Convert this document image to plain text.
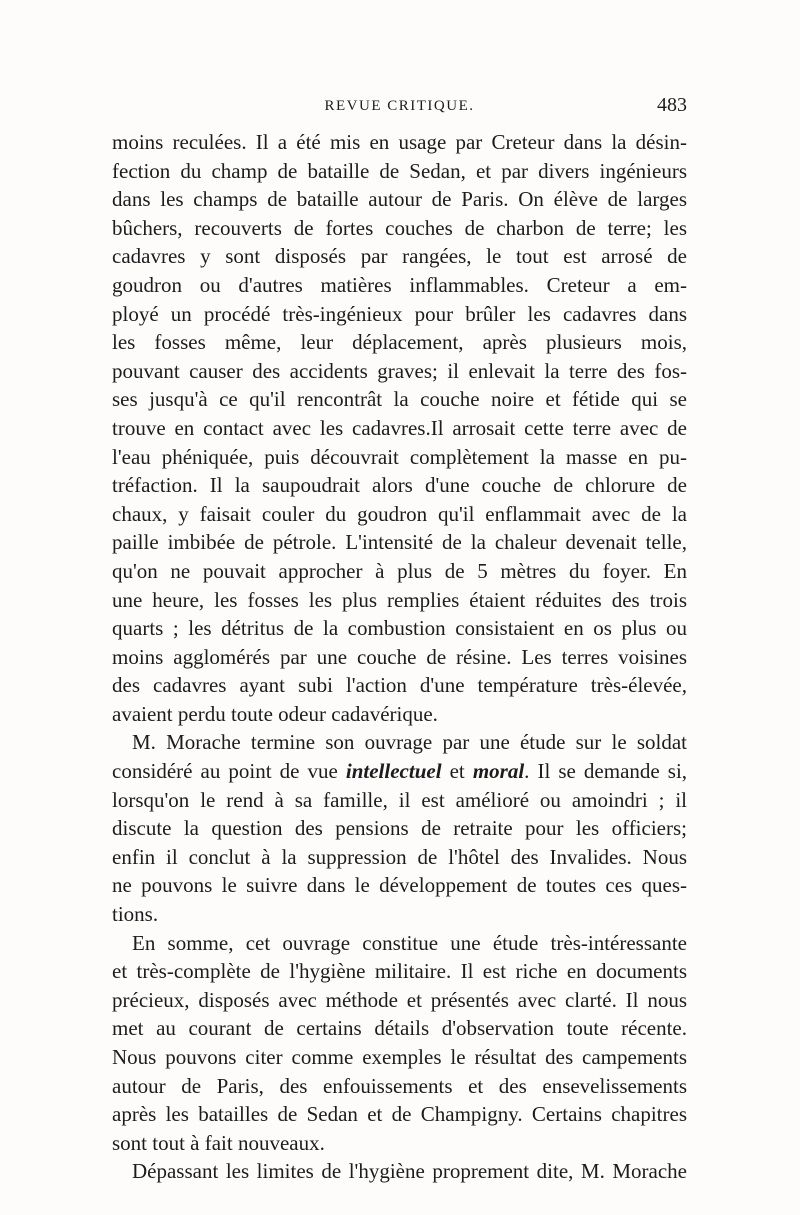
REVUE CRITIQUE.	483
moins reculées. Il a été mis en usage par Creteur dans la désin-
fection du champ de bataille de Sedan, et par divers ingénieurs
dans les champs de bataille autour de Paris. On élève de larges
bûchers, recouverts de fortes couches de charbon de terre; les
cadavres y sont disposés par rangées, le tout est arrosé de
goudron ou d'autres matières inflammables. Creteur a em-
ployé un procédé très-ingénieux pour brûler les cadavres dans
les fosses même, leur déplacement, après plusieurs mois,
pouvant causer des accidents graves; il enlevait la terre des fos-
ses jusqu'à ce qu'il rencontrât la couche noire et fétide qui se
trouve en contact avec les cadavres.Il arrosait cette terre avec de
l'eau phéniquée, puis découvrait complètement la masse en pu-
tréfaction. Il la saupoudrait alors d'une couche de chlorure de
chaux, y faisait couler du goudron qu'il enflammait avec de la
paille imbibée de pétrole. L'intensité de la chaleur devenait telle,
qu'on ne pouvait approcher à plus de 5 mètres du foyer. En
une heure, les fosses les plus remplies étaient réduites des trois
quarts ; les détritus de la combustion consistaient en os plus ou
moins agglomérés par une couche de résine. Les terres voisines
des cadavres ayant subi l'action d'une température très-élevée,
avaient perdu toute odeur cadavérique.
M. Morache termine son ouvrage par une étude sur le soldat
considéré au point de vue intellectuel et moral. Il se demande si,
lorsqu'on le rend à sa famille, il est amélioré ou amoindri ; il
discute la question des pensions de retraite pour les officiers;
enfin il conclut à la suppression de l'hôtel des Invalides. Nous
ne pouvons le suivre dans le développement de toutes ces ques-
tions.
En somme, cet ouvrage constitue une étude très-intéressante
et très-complète de l'hygiène militaire. Il est riche en documents
précieux, disposés avec méthode et présentés avec clarté. Il nous
met au courant de certains détails d'observation toute récente.
Nous pouvons citer comme exemples le résultat des campements
autour de Paris, des enfouissements et des ensevelissements
après les batailles de Sedan et de Champigny. Certains chapitres
sont tout à fait nouveaux.
Dépassant les limites de l'hygiène proprement dite, M. Morache
